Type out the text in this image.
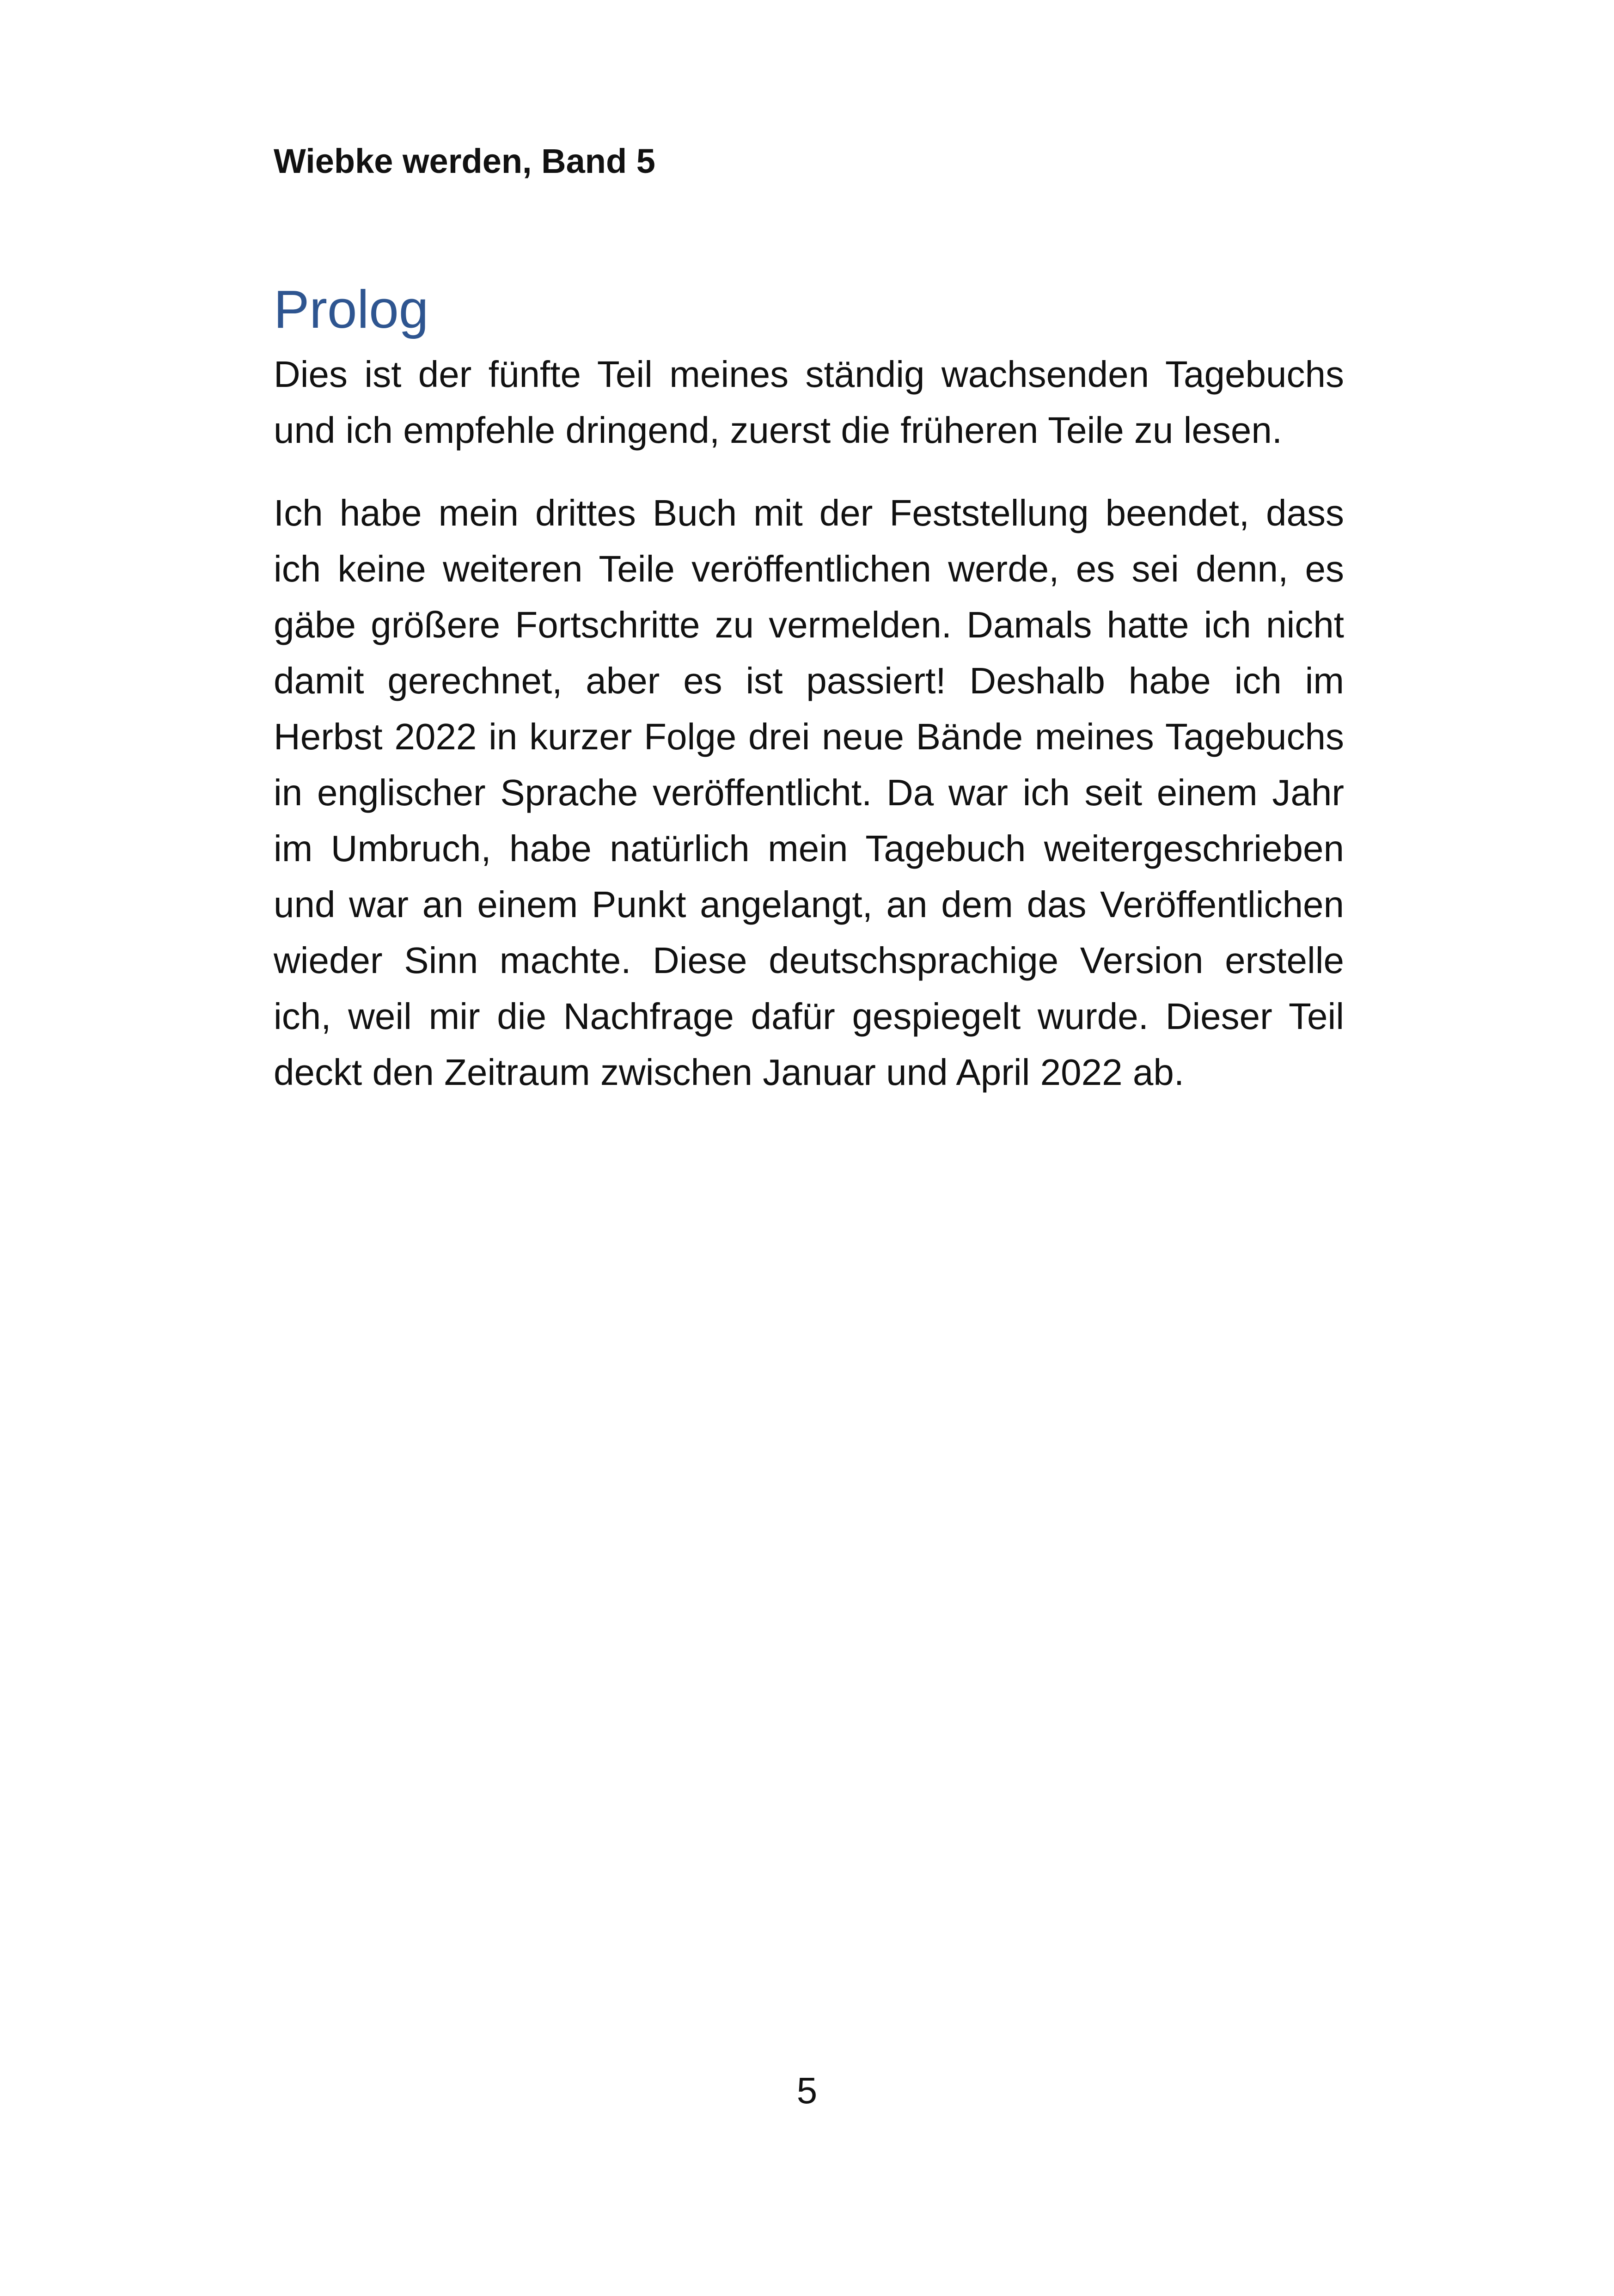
Wiebke werden, Band 5

Prolog

Dies ist der fünfte Teil meines ständig wachsenden Tagebuchs und ich empfehle dringend, zuerst die früheren Teile zu lesen.

Ich habe mein drittes Buch mit der Feststellung beendet, dass ich keine weiteren Teile veröffentlichen werde, es sei denn, es gäbe größere Fortschritte zu vermelden. Damals hatte ich nicht damit gerechnet, aber es ist passiert! Deshalb habe ich im Herbst 2022 in kurzer Folge drei neue Bände meines Tagebuchs in englischer Sprache veröffentlicht. Da war ich seit einem Jahr im Umbruch, habe natürlich mein Tagebuch weitergeschrieben und war an einem Punkt angelangt, an dem das Veröffentlichen wieder Sinn machte. Diese deutschsprachige Version erstelle ich, weil mir die Nachfrage dafür gespiegelt wurde. Dieser Teil deckt den Zeitraum zwischen Januar und April 2022 ab.

5
